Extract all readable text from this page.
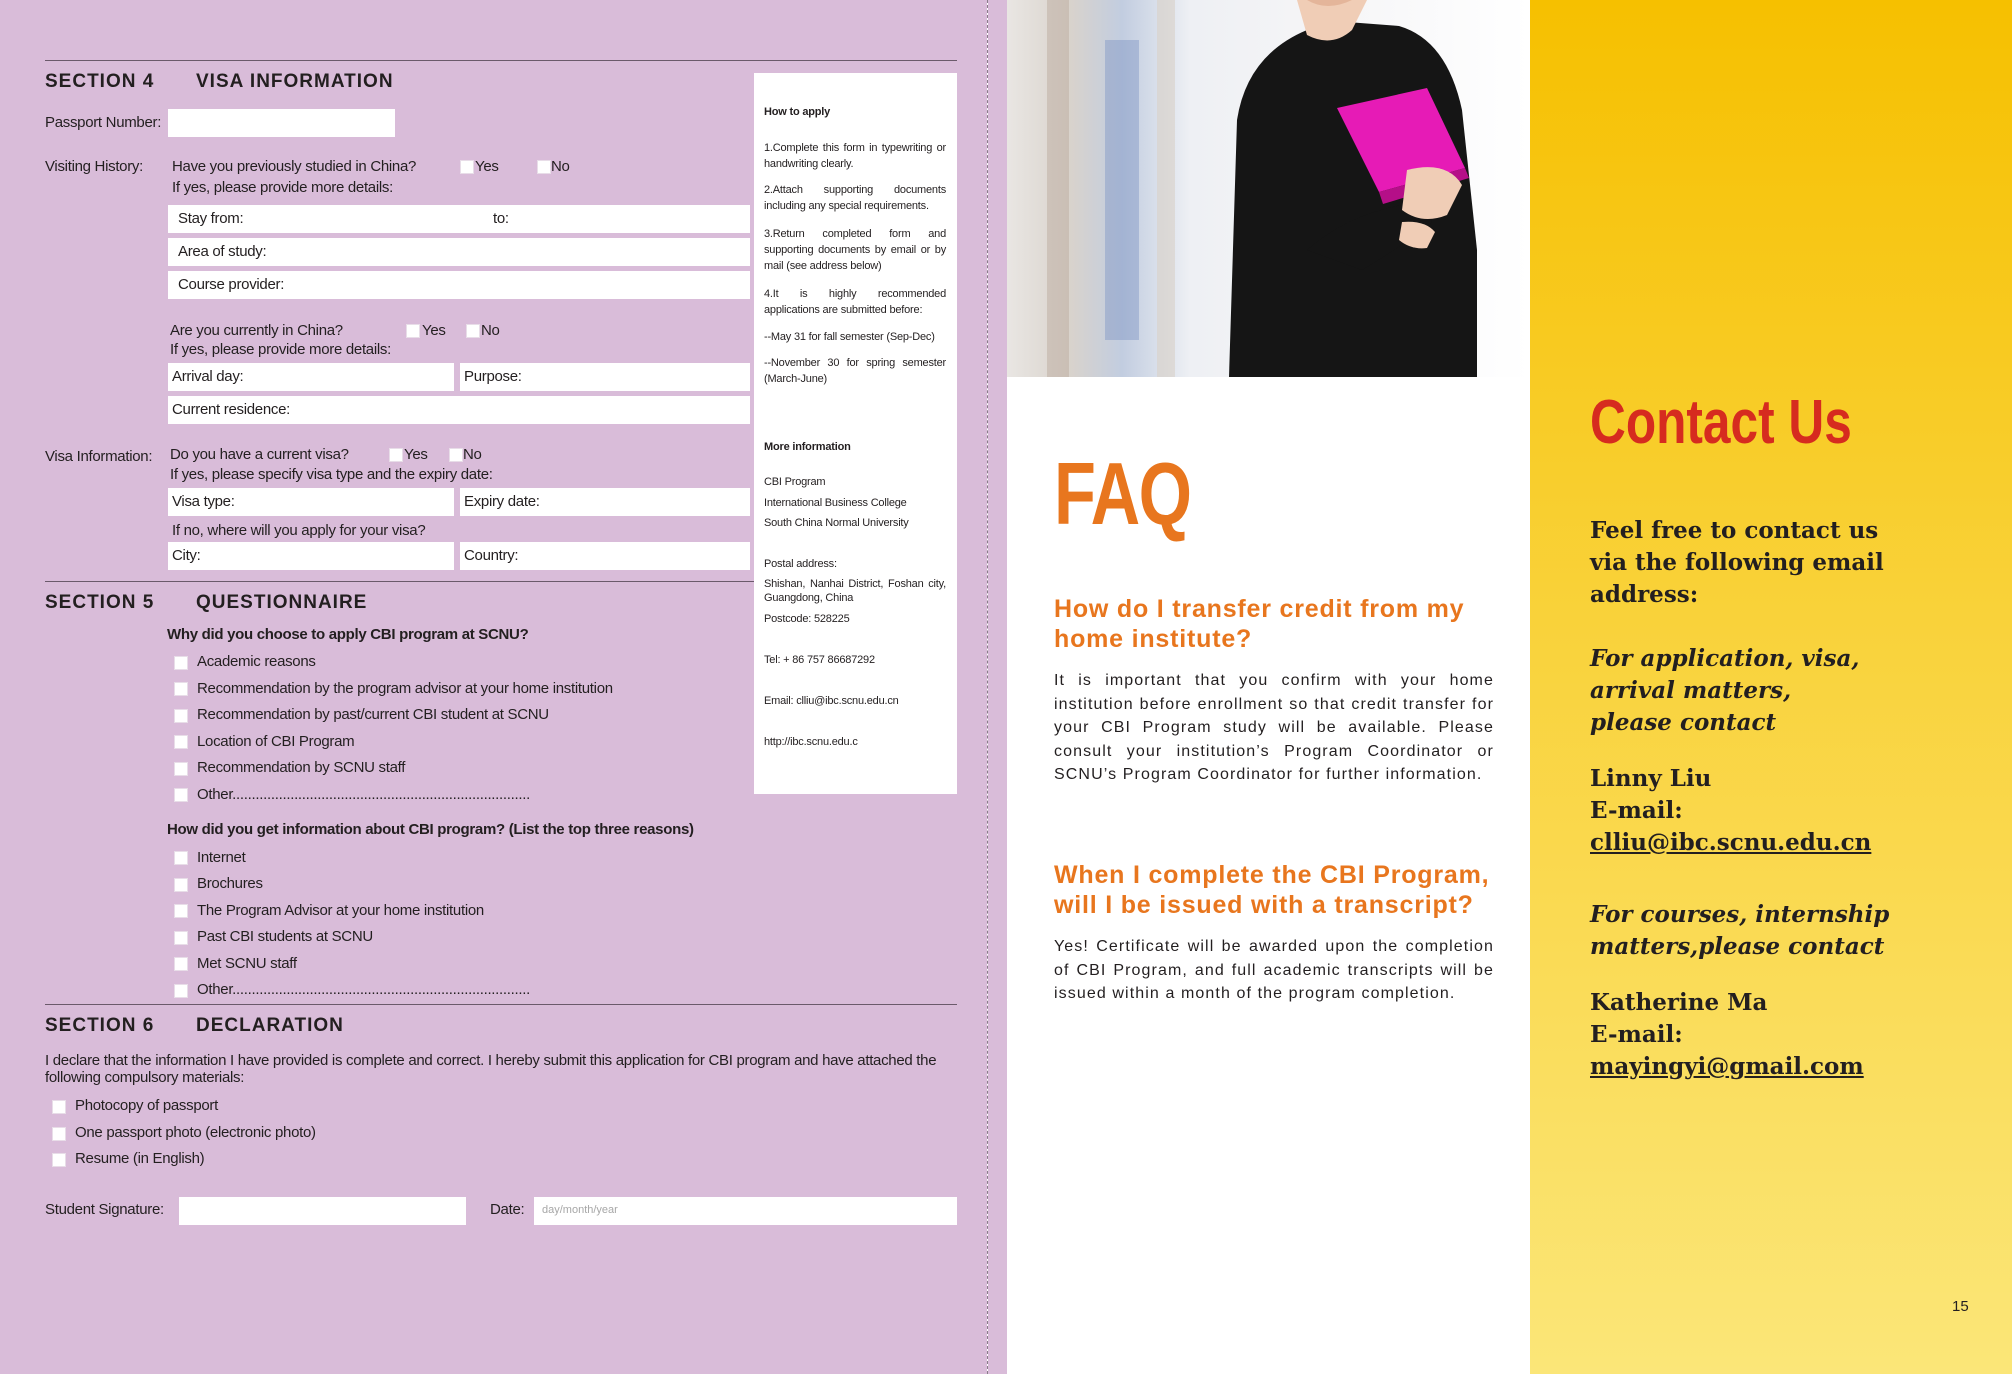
SECTION 4 VISA INFORMATION
Passport Number:
Visiting History: Have you previously studied in China?	Yes	No
If yes, please provide more details:
Stay from:	to:
Area of study:
Course provider:
Are you currently in China?	Yes No
If yes, please provide more details:
Arrival day:	Purpose:
Current residence:
Visa Information: Do you have a current visa?	Yes No
If yes, please specify visa type and the expiry date:
Visa type:	Expiry date:
If no, where will you apply for your visa?
City:	Country:
SECTION 5 QUESTIONNAIRE
Why did you choose to apply CBI program at SCNU?
Academic reasons
Recommendation by the program advisor at your home institution
Recommendation by past/current CBI student at SCNU
Location of CBI Program
Recommendation by SCNU staff
Other.............................................................................
How did you get information about CBI program? (List the top three reasons)
Internet
Brochures
The Program Advisor at your home institution
Past CBI students at SCNU
Met SCNU staff
Other.............................................................................
SECTION 6 DECLARATION
I declare that the information I have provided is complete and correct. I hereby submit this application for CBI program and have attached the
following compulsory materials:
Photocopy of passport
One passport photo (electronic photo)
Resume (in English)
Student Signature:	Date: day/month/year
How to apply
1.Complete this form in typewriting or handwriting clearly.
2.Attach supporting documents including any special requirements.
3.Return completed form and supporting documents by email or by mail (see address below)
4.It is highly recommended applications are submitted before:
--May 31 for fall semester (Sep-Dec)
--November 30 for spring semester (March-June)
More information
CBI Program
International Business College
South China Normal University
Postal address:
Shishan, Nanhai District, Foshan city, Guangdong, China
Postcode: 528225
Tel: + 86 757 86687292
Email: clliu@ibc.scnu.edu.cn
http://ibc.scnu.edu.c
FAQ
How do I transfer credit from my home institute?
It is important that you confirm with your home institution before enrollment so that credit transfer for your CBI Program study will be available. Please consult your institution’s Program Coordinator or SCNU’s Program Coordinator for further information.
When I complete the CBI Program, will I be issued with a transcript?
Yes! Certificate will be awarded upon the completion of CBI Program, and full academic transcripts will be issued within a month of the program completion.
Contact Us
Feel free to contact us via the following email address:
For application, visa, arrival matters, please contact
Linny Liu
E-mail:
clliu@ibc.scnu.edu.cn
For courses, internship matters,please contact
Katherine Ma
E-mail:
mayingyi@gmail.com
15
